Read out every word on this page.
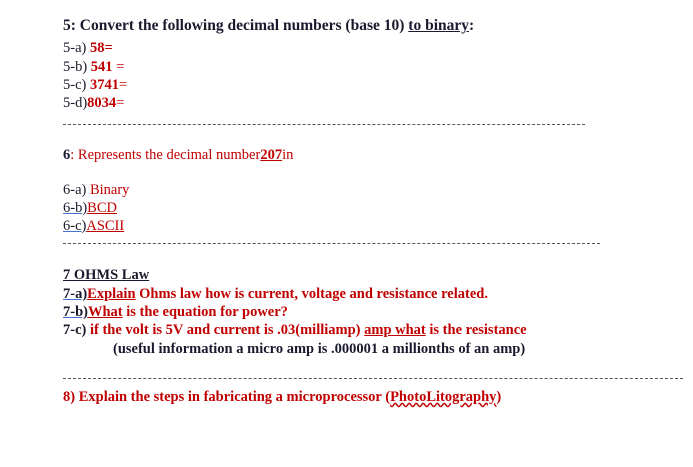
5: Convert the following decimal numbers (base 10) to binary:
5-a) 58=
5-b) 541 =
5-c) 3741=
5-d)8034=
6: Represents the decimal number207in
6-a) Binary
6-b)BCD
6-c)ASCII
7 OHMS Law
7-a)Explain Ohms law how is current, voltage and resistance related.
7-b)What is the equation for power?
7-c) if the volt is 5V and current is .03(milliamp) amp what is the resistance
(useful information a micro amp is .000001 a millionths of an amp)
8) Explain the steps in fabricating a microprocessor (PhotoLitography)
